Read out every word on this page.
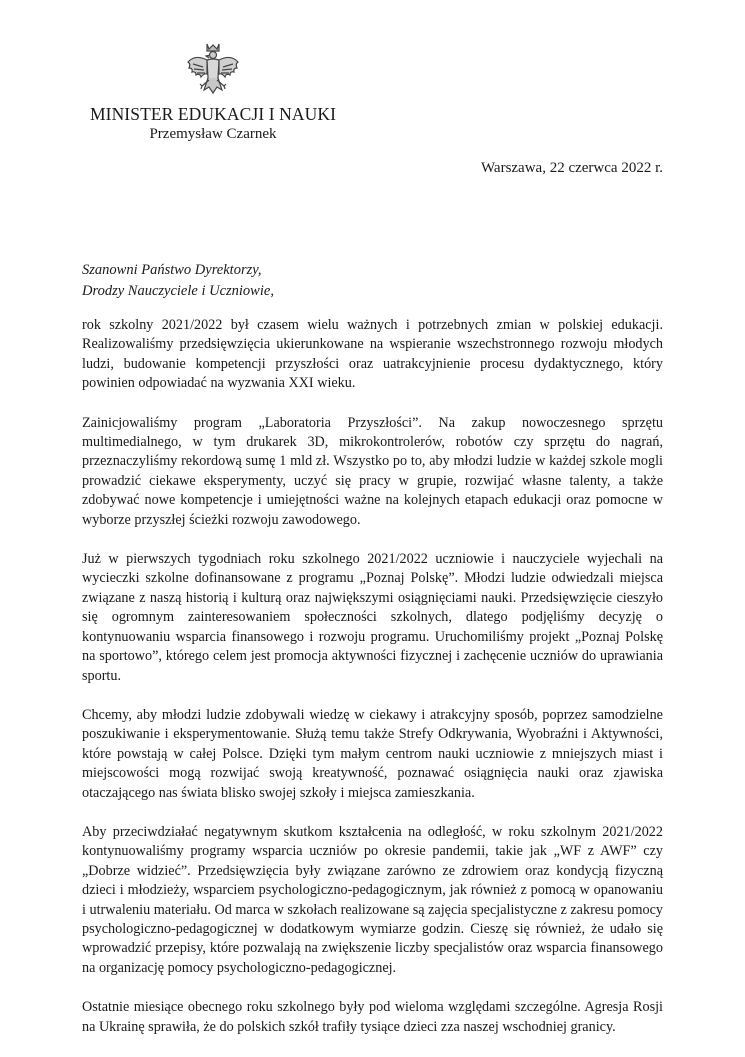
MINISTER EDUKACJI I NAUKI
Przemysław Czarnek
Warszawa, 22 czerwca 2022 r.
Szanowni Państwo Dyrektorzy,
Drodzy Nauczyciele i Uczniowie,

rok szkolny 2021/2022 był czasem wielu ważnych i potrzebnych zmian w polskiej edukacji. Realizowaliśmy przedsięwzięcia ukierunkowane na wspieranie wszechstronnego rozwoju młodych ludzi, budowanie kompetencji przyszłości oraz uatrakcyjnienie procesu dydaktycznego, który powinien odpowiadać na wyzwania XXI wieku.

Zainicjowaliśmy program „Laboratoria Przyszłości”. Na zakup nowoczesnego sprzętu multimedialnego, w tym drukarek 3D, mikrokontrolerów, robotów czy sprzętu do nagrań, przeznaczyliśmy rekordową sumę 1 mld zł. Wszystko po to, aby młodzi ludzie w każdej szkole mogli prowadzić ciekawe eksperymenty, uczyć się pracy w grupie, rozwijać własne talenty, a także zdobywać nowe kompetencje i umiejętności ważne na kolejnych etapach edukacji oraz pomocne w wyborze przyszłej ścieżki rozwoju zawodowego.

Już w pierwszych tygodniach roku szkolnego 2021/2022 uczniowie i nauczyciele wyjechali na wycieczki szkolne dofinansowane z programu „Poznaj Polskę”. Młodzi ludzie odwiedzali miejsca związane z naszą historią i kulturą oraz największymi osiągnięciami nauki. Przedsięwzięcie cieszyło się ogromnym zainteresowaniem społeczności szkolnych, dlatego podjęliśmy decyzję o kontynuowaniu wsparcia finansowego i rozwoju programu. Uruchomiliśmy projekt „Poznaj Polskę na sportowo”, którego celem jest promocja aktywności fizycznej i zachęcenie uczniów do uprawiania sportu.

Chcemy, aby młodzi ludzie zdobywali wiedzę w ciekawy i atrakcyjny sposób, poprzez samodzielne poszukiwanie i eksperymentowanie. Służą temu także Strefy Odkrywania, Wyobraźni i Aktywności, które powstają w całej Polsce. Dzięki tym małym centrom nauki uczniowie z mniejszych miast i miejscowości mogą rozwijać swoją kreatywność, poznawać osiągnięcia nauki oraz zjawiska otaczającego nas świata blisko swojej szkoły i miejsca zamieszkania.

Aby przeciwdziałać negatywnym skutkom kształcenia na odległość, w roku szkolnym 2021/2022 kontynuowaliśmy programy wsparcia uczniów po okresie pandemii, takie jak „WF z AWF” czy „Dobrze widzieć”. Przedsięwzięcia były związane zarówno ze zdrowiem oraz kondycją fizyczną dzieci i młodzieży, wsparciem psychologiczno-pedagogicznym, jak również z pomocą w opanowaniu i utrwaleniu materiału. Od marca w szkołach realizowane są zajęcia specjalistyczne z zakresu pomocy psychologiczno-pedagogicznej w dodatkowym wymiarze godzin. Cieszę się również, że udało się wprowadzić przepisy, które pozwalają na zwiększenie liczby specjalistów oraz wsparcia finansowego na organizację pomocy psychologiczno-pedagogicznej.

Ostatnie miesiące obecnego roku szkolnego były pod wieloma względami szczególne. Agresja Rosji na Ukrainę sprawiła, że do polskich szkół trafiły tysiące dzieci zza naszej wschodniej granicy.
